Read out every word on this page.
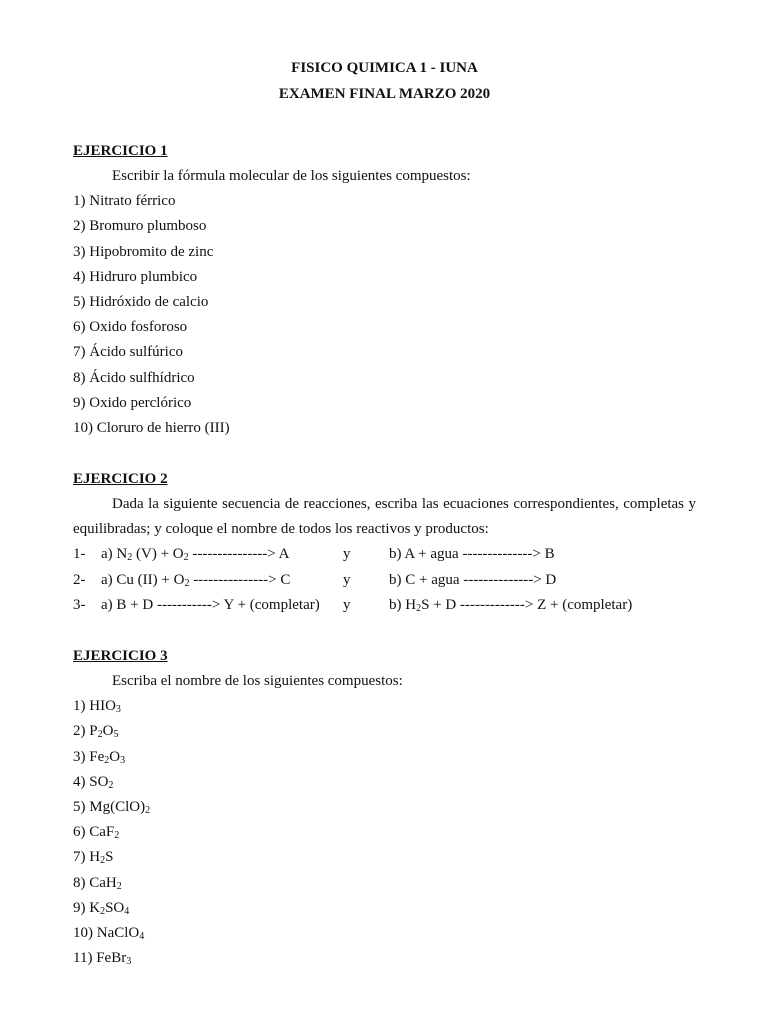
FISICO QUIMICA 1 - IUNA
EXAMEN FINAL MARZO 2020
EJERCICIO 1
Escribir la fórmula molecular de los siguientes compuestos:
1) Nitrato férrico
2) Bromuro plumboso
3) Hipobromito de zinc
4) Hidruro plumbico
5) Hidróxido de calcio
6) Oxido fosforoso
7) Ácido sulfúrico
8) Ácido sulfhídrico
9) Oxido perclórico
10) Cloruro de hierro (III)
EJERCICIO 2
Dada la siguiente secuencia de reacciones, escriba las ecuaciones correspondientes, completas y equilibradas; y coloque el nombre de todos los reactivos y productos:
1-	a) $N_2$ $(V) + O_2$ ---------------> A	y	b) A + agua --------------> B
2-	a) Cu $(II) + O_2$ ---------------> C	y	b) C + agua --------------> D
3-	a) B + D -----------> Y + (completar)	y	b) $H_2S + D$ -------------> Z + (completar)
EJERCICIO 3
Escriba el nombre de los siguientes compuestos:
1) $HIO_3$
2) $P_2O_5$
3) $Fe_2O_3$
4) $SO_2$
5) $Mg(ClO)_2$
6) CaF$_2$
7) $H_2S$
8) CaH$_2$
9) $K_2SO_4$
10) NaClO$_4$
11) FeBr$_3$
